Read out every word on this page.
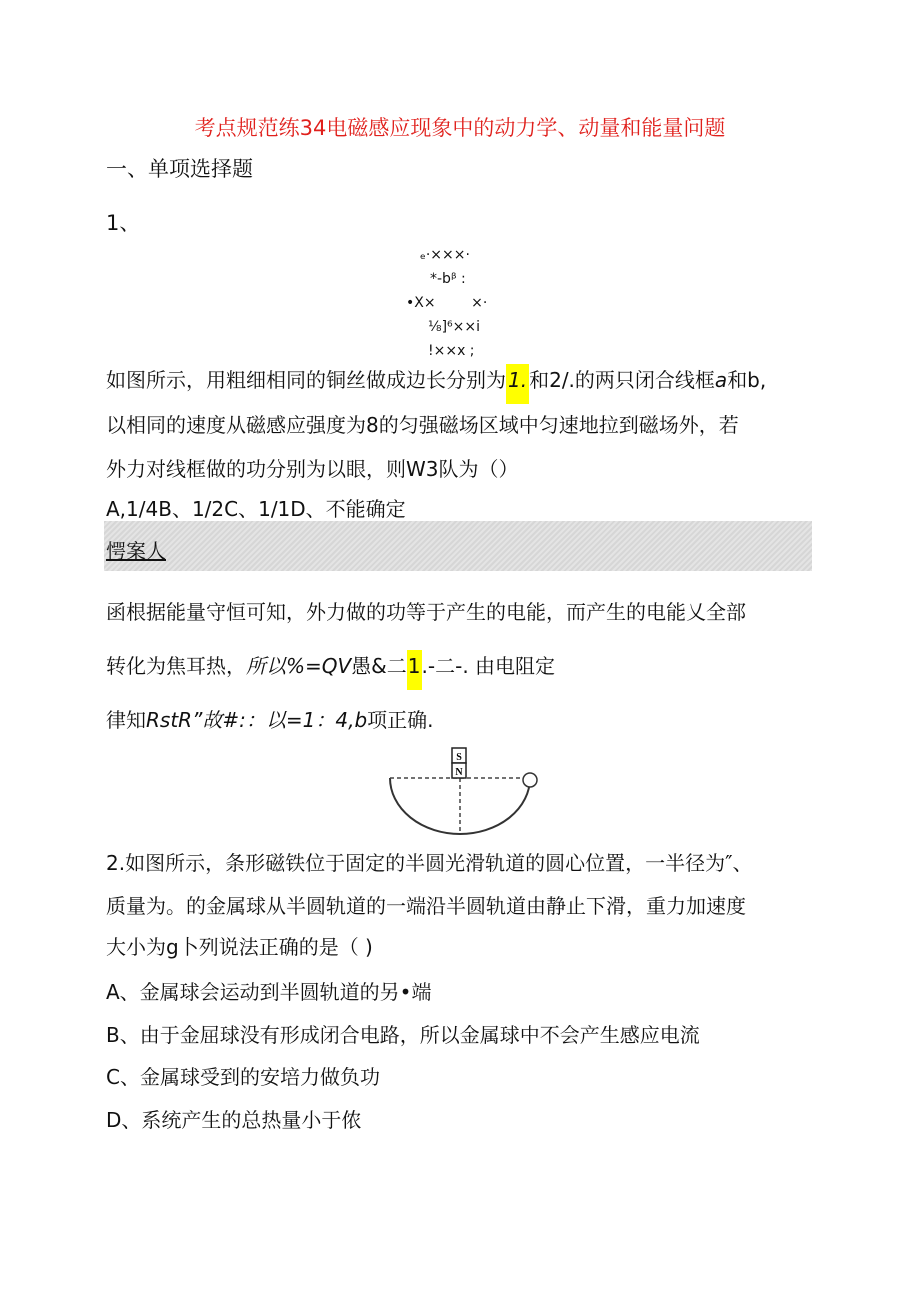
考点规范练34电磁感应现象中的动力学、动量和能量问题
一、单项选择题
1、
ₑ·×××·
*-bᵝ :
•X×        ×·
⅛]⁶××i
!××x ;
如图所示，用粗细相同的铜丝做成边长分别为 1. 和2/.的两只闭合线框a和b,
以相同的速度从磁感应强度为8的匀强磁场区域中匀速地拉到磁场外，若
外力对线框做的功分别为以眼，则W3队为（）
A,1/4B、1/2C、1/1D、不能确定
愕案人
函根据能量守恒可知，外力做的功等于产生的电能，而产生的电能乂全部
转化为焦耳热，所以%=QV愚&二1.-二-. 由电阻定
律知RstR”故#:：以=1：4,b项正确.
S
N
2.如图所示，条形磁铁位于固定的半圆光滑轨道的圆心位置，一半径为″、
质量为。的金属球从半圆轨道的一端沿半圆轨道由静止下滑，重力加速度
大小为g卜列说法正确的是（ )
A、金属球会运动到半圆轨道的另•端
B、由于金屈球没有形成闭合电路，所以金属球中不会产生感应电流
C、金属球受到的安培力做负功
D、系统产生的总热量小于侬
